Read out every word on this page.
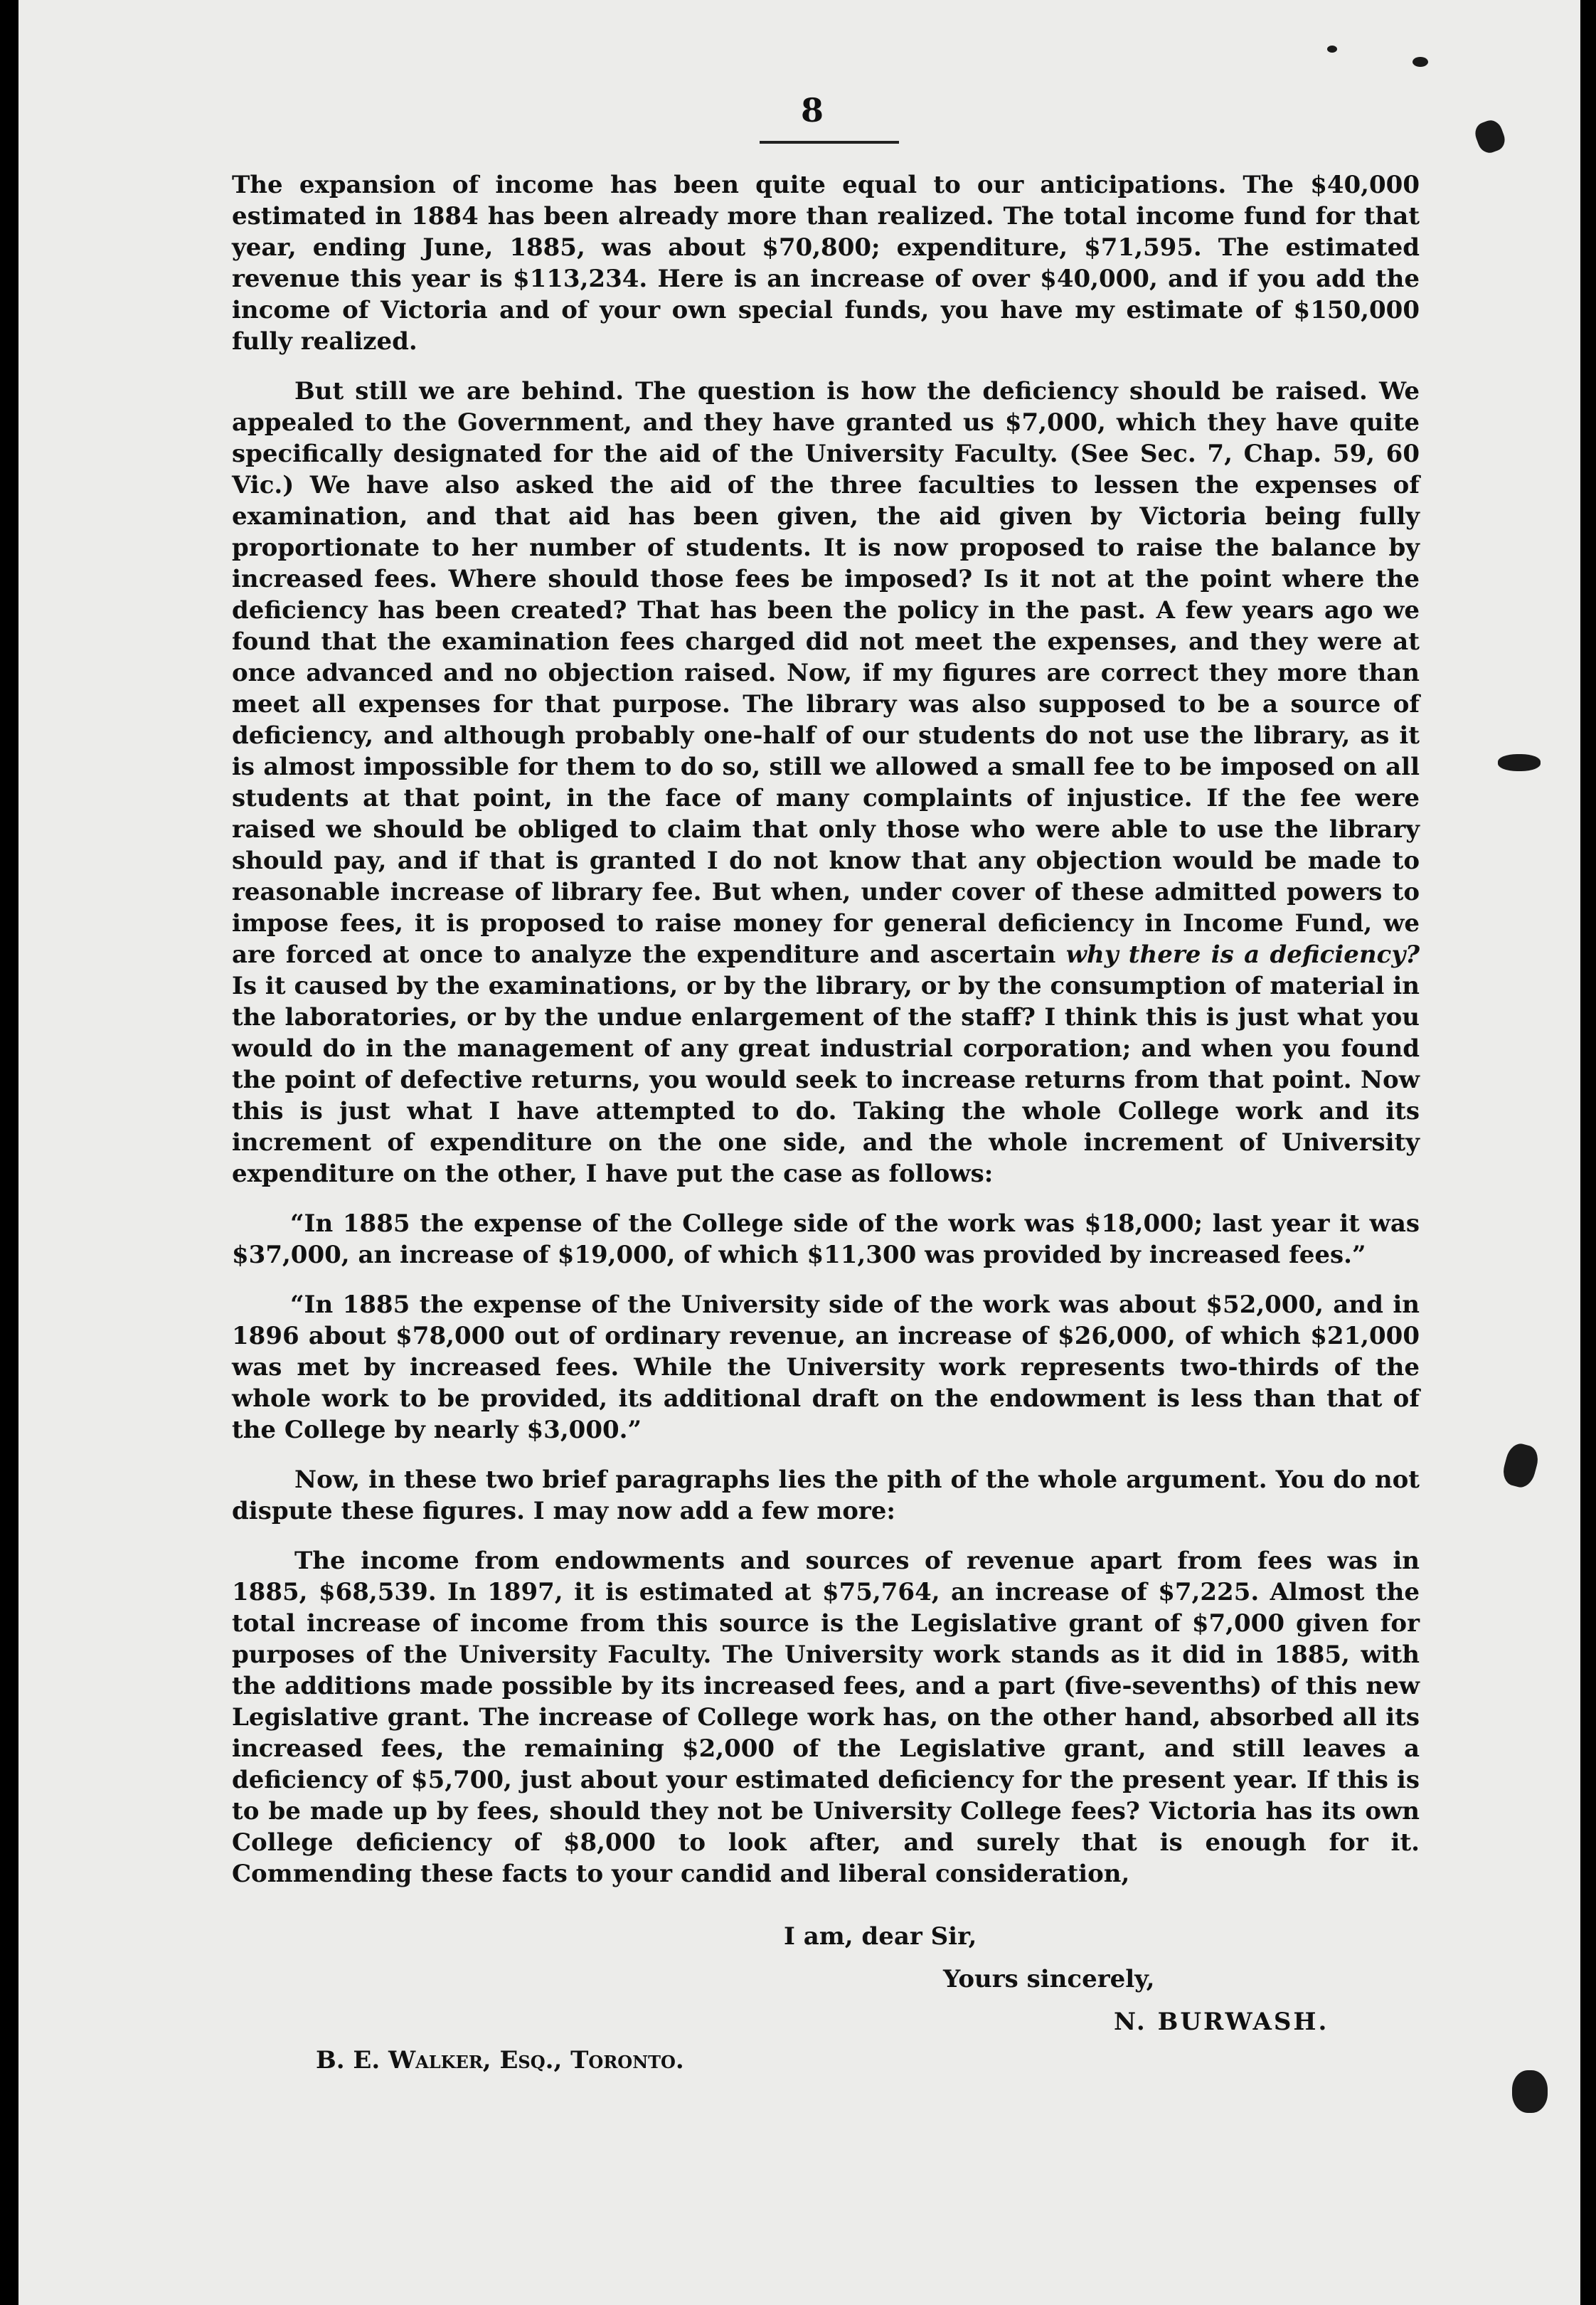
8

The expansion of income has been quite equal to our anticipations. The $40,000 estimated in 1884 has been already more than realized. The total income fund for that year, ending June, 1885, was about $70,800; expenditure, $71,595. The estimated revenue this year is $113,234. Here is an increase of over $40,000, and if you add the income of Victoria and of your own special funds, you have my estimate of $150,000 fully realized.

But still we are behind. The question is how the deficiency should be raised. We appealed to the Government, and they have granted us $7,000, which they have quite specifically designated for the aid of the University Faculty. (See Sec. 7, Chap. 59, 60 Vic.) We have also asked the aid of the three faculties to lessen the expenses of examination, and that aid has been given, the aid given by Victoria being fully proportionate to her number of students. It is now proposed to raise the balance by increased fees. Where should those fees be imposed? Is it not at the point where the deficiency has been created? That has been the policy in the past. A few years ago we found that the examination fees charged did not meet the expenses, and they were at once advanced and no objection raised. Now, if my figures are correct they more than meet all expenses for that purpose. The library was also supposed to be a source of deficiency, and although probably one-half of our students do not use the library, as it is almost impossible for them to do so, still we allowed a small fee to be imposed on all students at that point, in the face of many complaints of injustice. If the fee were raised we should be obliged to claim that only those who were able to use the library should pay, and if that is granted I do not know that any objection would be made to reasonable increase of library fee. But when, under cover of these admitted powers to impose fees, it is proposed to raise money for general deficiency in Income Fund, we are forced at once to analyze the expenditure and ascertain why there is a deficiency? Is it caused by the examinations, or by the library, or by the consumption of material in the laboratories, or by the undue enlargement of the staff? I think this is just what you would do in the management of any great industrial corporation; and when you found the point of defective returns, you would seek to increase returns from that point. Now this is just what I have attempted to do. Taking the whole College work and its increment of expenditure on the one side, and the whole increment of University expenditure on the other, I have put the case as follows:

“In 1885 the expense of the College side of the work was $18,000; last year it was $37,000, an increase of $19,000, of which $11,300 was provided by increased fees.”

“In 1885 the expense of the University side of the work was about $52,000, and in 1896 about $78,000 out of ordinary revenue, an increase of $26,000, of which $21,000 was met by increased fees. While the University work represents two-thirds of the whole work to be provided, its additional draft on the endowment is less than that of the College by nearly $3,000.”

Now, in these two brief paragraphs lies the pith of the whole argument. You do not dispute these figures. I may now add a few more:

The income from endowments and sources of revenue apart from fees was in 1885, $68,539. In 1897, it is estimated at $75,764, an increase of $7,225. Almost the total increase of income from this source is the Legislative grant of $7,000 given for purposes of the University Faculty. The University work stands as it did in 1885, with the additions made possible by its increased fees, and a part (five-sevenths) of this new Legislative grant. The increase of College work has, on the other hand, absorbed all its increased fees, the remaining $2,000 of the Legislative grant, and still leaves a deficiency of $5,700, just about your estimated deficiency for the present year. If this is to be made up by fees, should they not be University College fees? Victoria has its own College deficiency of $8,000 to look after, and surely that is enough for it. Commending these facts to your candid and liberal consideration,

I am, dear Sir,
Yours sincerely,
N. BURWASH.
B. E. Walker, Esq., Toronto.
